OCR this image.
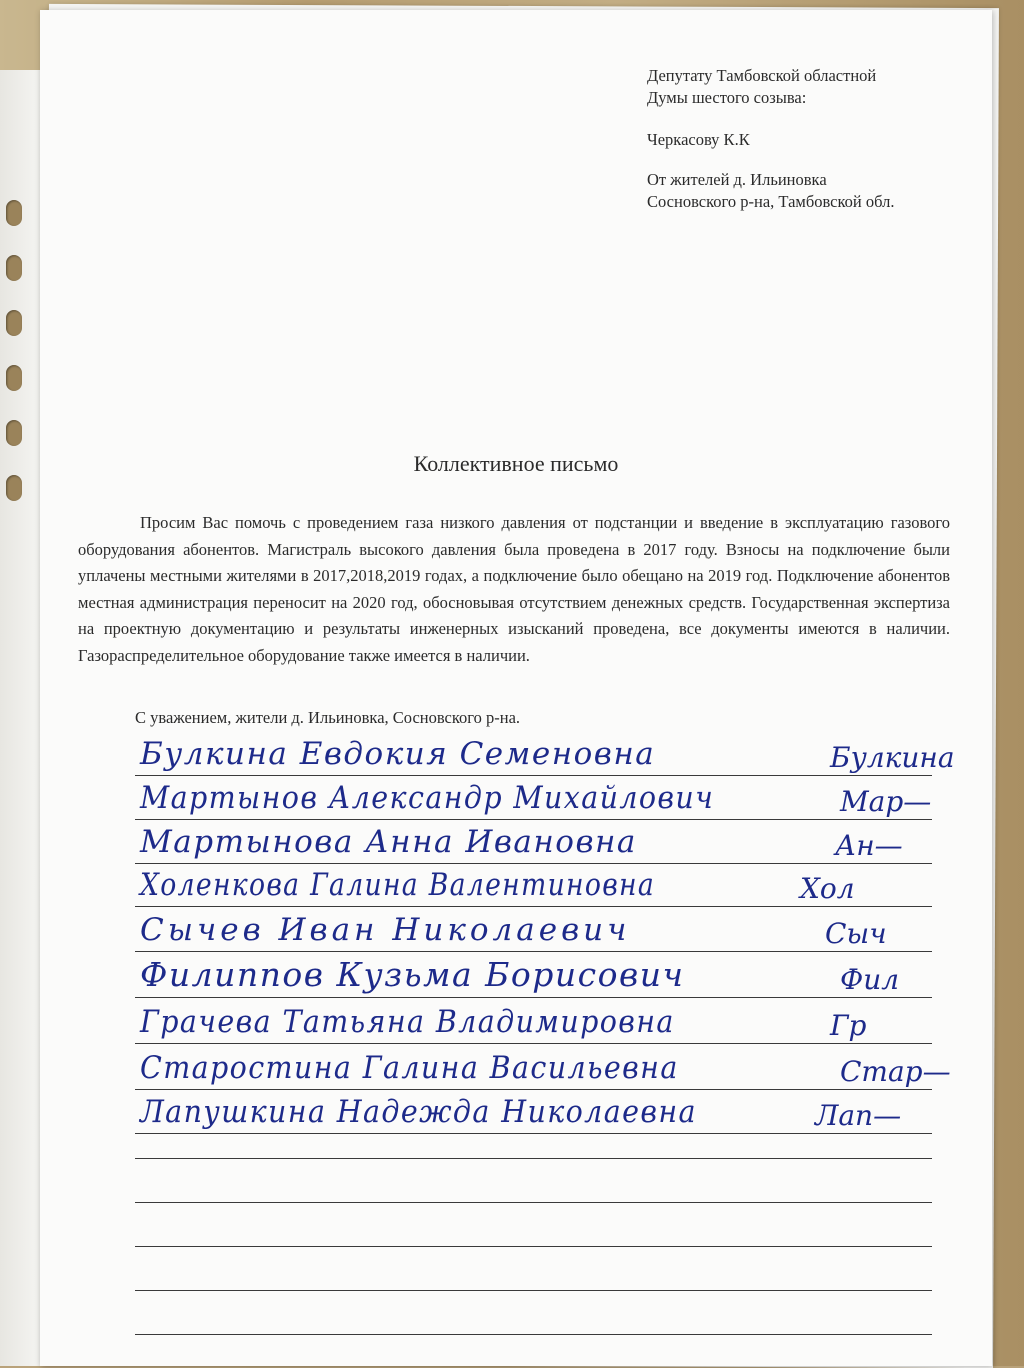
Депутату Тамбовской областной
Думы шестого созыва:
Черкасову К.К
От жителей д. Ильиновка
Сосновского р-на, Тамбовской обл.
Коллективное письмо
Просим Вас помочь с проведением газа низкого давления от подстанции и введение в эксплуатацию газового оборудования абонентов. Магистраль высокого давления была проведена в 2017 году. Взносы на подключение были уплачены местными жителями в 2017,2018,2019 годах, а подключение было обещано на 2019 год. Подключение абонентов местная администрация переносит на 2020 год, обосновывая отсутствием денежных средств. Государственная экспертиза на проектную документацию и результаты инженерных изысканий проведена, все документы имеются в наличии. Газораспределительное оборудование также имеется в наличии.
С уважением, жители д. Ильиновка, Сосновского р-на.
Булкина Евдокия Семеновна	Булкина
Мартынов Александр Михайлович	Мар—
Мартынова Анна Ивановна	Ан—
Холенкова Галина Валентиновна	Хол
Сычев Иван Николаевич	Сыч
Филиппов Кузьма Борисович	Фил
Грачева Татьяна Владимировна	Гр
Старостина Галина Васильевна	Стар—
Лапушкина Надежда Николаевна	Лап—
